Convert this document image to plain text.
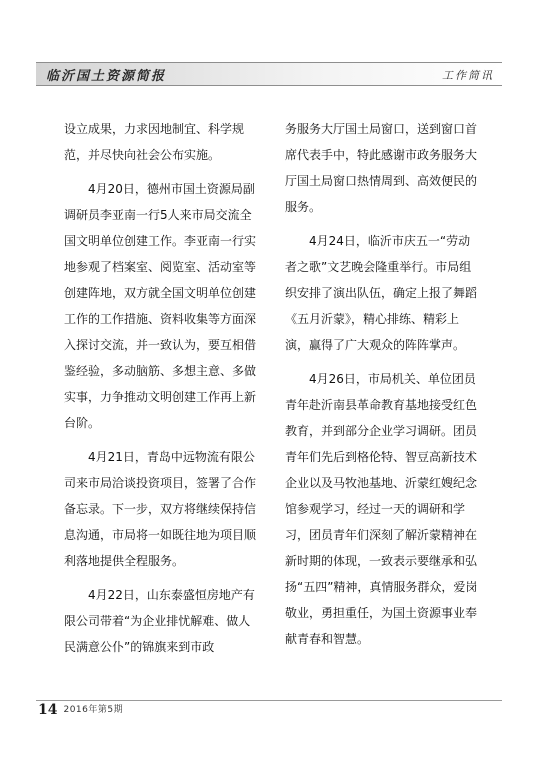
临沂国土资源简报	工作简讯

设立成果，力求因地制宜、科学规范，并尽快向社会公布实施。

4月20日，德州市国土资源局副调研员李亚南一行5人来市局交流全国文明单位创建工作。李亚南一行实地参观了档案室、阅览室、活动室等创建阵地，双方就全国文明单位创建工作的工作措施、资料收集等方面深入探讨交流，并一致认为，要互相借鉴经验，多动脑筋、多想主意、多做实事，力争推动文明创建工作再上新台阶。

4月21日，青岛中远物流有限公司来市局洽谈投资项目，签署了合作备忘录。下一步，双方将继续保持信息沟通，市局将一如既往地为项目顺利落地提供全程服务。

4月22日，山东泰盛恒房地产有限公司带着“为企业排忧解难、做人民满意公仆”的锦旗来到市政

务服务大厅国土局窗口，送到窗口首席代表手中，特此感谢市政务服务大厅国土局窗口热情周到、高效便民的服务。

4月24日，临沂市庆五一“劳动者之歌”文艺晚会隆重举行。市局组织安排了演出队伍，确定上报了舞蹈《五月沂蒙》，精心排练、精彩上演，赢得了广大观众的阵阵掌声。

4月26日，市局机关、单位团员青年赴沂南县革命教育基地接受红色教育，并到部分企业学习调研。团员青年们先后到格伦特、智豆高新技术企业以及马牧池基地、沂蒙红嫂纪念馆参观学习，经过一天的调研和学习，团员青年们深刻了解沂蒙精神在新时期的体现，一致表示要继承和弘扬“五四”精神，真情服务群众，爱岗敬业，勇担重任，为国土资源事业奉献青春和智慧。

14 2016年第5期
